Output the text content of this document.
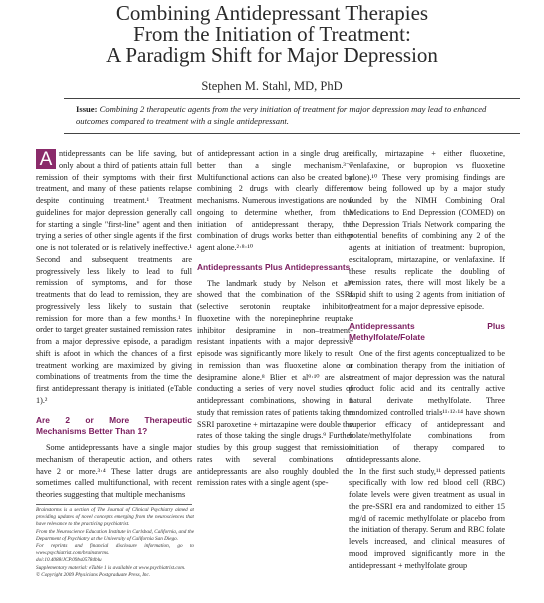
Combining Antidepressant Therapies
From the Initiation of Treatment:
A Paradigm Shift for Major Depression
Stephen M. Stahl, MD, PhD
Issue: Combining 2 therapeutic agents from the very initiation of treatment for major depression may lead to enhanced outcomes compared to treatment with a single antidepressant.
A ntidepressants can be life saving, but only about a third of patients attain full remission of their symptoms with their first treatment, and many of these patients relapse despite continuing treatment.¹ Treatment guidelines for major depression generally call for starting a single "first-line" agent and then trying a series of other single agents if the first one is not tolerated or is relatively ineffective.¹ Second and subsequent treatments are progressively less likely to lead to full remission of symptoms, and for those treatments that do lead to remission, they are progressively less likely to sustain that remission for more than a few months.¹ In order to target greater sustained remission rates from a major depressive episode, a paradigm shift is afoot in which the chances of a first treatment working are maximized by giving combinations of treatments from the time the first antidepressant therapy is initiated (eTable 1).²

Are 2 or More Therapeutic Mechanisms Better Than 1?

Some antidepressants have a single major mechanism of therapeutic action, and others have 2 or more.³·⁴ These latter drugs are sometimes called multifunctional, with recent theories suggesting that multiple mechanisms

Brainstorms is a section of The Journal of Clinical Psychiatry aimed at providing updates of novel concepts emerging from the neurosciences that have relevance to the practicing psychiatrist.

From the Neuroscience Education Institute in Carlsbad, California, and the Department of Psychiatry at the University of California San Diego.

For reprints and financial disclosure information, go to www.psychiatrist.com/brainstorms.

doi:10.4088/JCP.09bs05784blu

Supplementary material: eTable 1 is available at www.psychiatrist.com.

© Copyright 2009 Physicians Postgraduate Press, Inc.

of antidepressant action in a single drug are better than a single mechanism.³⁻⁷ Multifunctional actions can also be created by combining 2 drugs with clearly different mechanisms. Numerous investigations are now ongoing to determine whether, from the initiation of antidepressant therapy, the combination of drugs works better than either agent alone.²·⁸·¹⁰

Antidepressants Plus Antidepressants

The landmark study by Nelson et al⁸ showed that the combination of the SSRI (selective serotonin reuptake inhibitor) fluoxetine with the norepinephrine reuptake inhibitor desipramine in non–treatment-resistant inpatients with a major depressive episode was significantly more likely to result in remission than was fluoxetine alone or desipramine alone.⁸ Blier et al⁹·¹⁰ are also conducting a series of very novel studies of antidepressant combinations, showing in 1 study that remission rates of patients taking the SSRI paroxetine + mirtazapine were double the rates of those taking the single drugs.⁹ Further studies by this group suggest that remission rates with several combinations of antidepressants are also roughly doubled the remission rates with a single agent (spe-

cifically, mirtazapine + either fluoxetine, venlafaxine, or bupropion vs fluoxetine alone).¹⁰ These very promising findings are now being followed up by a major study funded by the NIMH Combining Oral Medications to End Depression (COMED) on the Depression Trials Network comparing the potential benefits of combining any 2 of the agents at initiation of treatment: bupropion, escitalopram, mirtazapine, or venlafaxine. If these results replicate the doubling of remission rates, there will most likely be a rapid shift to using 2 agents from initiation of treatment for a major depressive episode.

Antidepressants Plus Methylfolate/Folate

One of the first agents conceptualized to be a combination therapy from the initiation of treatment of major depression was the natural product folic acid and its centrally active natural derivate methylfolate. Three randomized controlled trials¹¹·¹²·¹⁴ have shown superior efficacy of antidepressant and folate/methylfolate combinations from initiation of therapy compared to antidepressants alone.

In the first such study,¹¹ depressed patients specifically with low red blood cell (RBC) folate levels were given treatment as usual in the pre-SSRI era and randomized to either 15 mg/d of racemic methylfolate or placebo from the initiation of therapy. Serum and RBC folate levels increased, and clinical measures of mood improved significantly more in the antidepressant + methylfolate group
